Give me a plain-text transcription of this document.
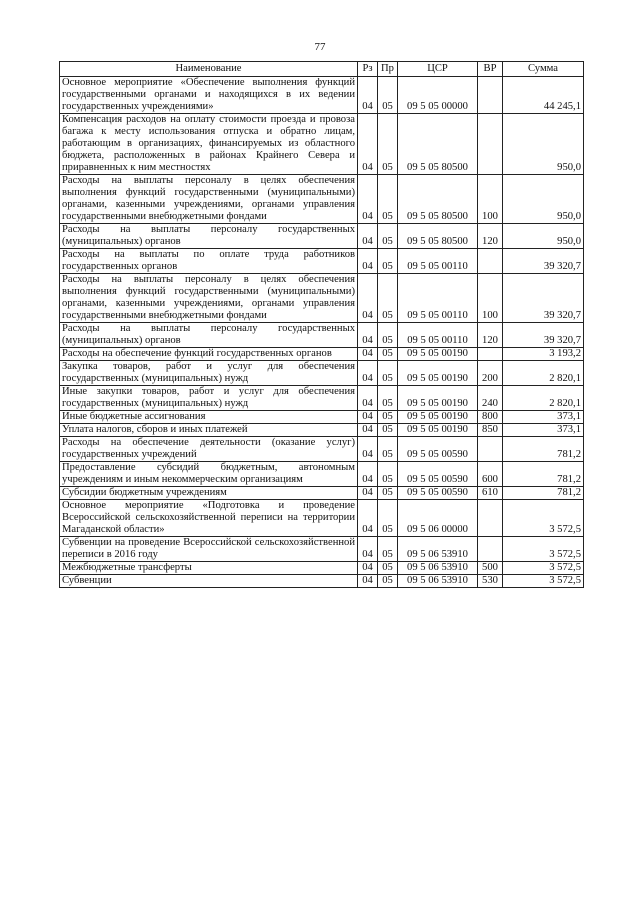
77
Наименование	Рз	Пр	ЦСР	ВР	Сумма
Основное мероприятие «Обеспечение выполнения функций государственными органами и находящихся в их ведении государственных учреждениями»	04	05	09 5 05 00000		44 245,1
Компенсация расходов на оплату стоимости проезда и провоза багажа к месту использования отпуска и обратно лицам, работающим в организациях, финансируемых из областного бюджета, расположенных в районах Крайнего Севера и приравненных к ним местностях	04	05	09 5 05 80500		950,0
Расходы на выплаты персоналу в целях обеспечения выполнения функций государственными (муниципальными) органами, казенными учреждениями, органами управления государственными внебюджетными фондами	04	05	09 5 05 80500	100	950,0
Расходы на выплаты персоналу государственных (муниципальных) органов	04	05	09 5 05 80500	120	950,0
Расходы на выплаты по оплате труда работников государственных органов	04	05	09 5 05 00110		39 320,7
Расходы на выплаты персоналу в целях обеспечения выполнения функций государственными (муниципальными) органами, казенными учреждениями, органами управления государственными внебюджетными фондами	04	05	09 5 05 00110	100	39 320,7
Расходы на выплаты персоналу государственных (муниципальных) органов	04	05	09 5 05 00110	120	39 320,7
Расходы на обеспечение функций государственных органов	04	05	09 5 05 00190		3 193,2
Закупка товаров, работ и услуг для обеспечения государственных (муниципальных) нужд	04	05	09 5 05 00190	200	2 820,1
Иные закупки товаров, работ и услуг для обеспечения государственных (муниципальных) нужд	04	05	09 5 05 00190	240	2 820,1
Иные бюджетные ассигнования	04	05	09 5 05 00190	800	373,1
Уплата налогов, сборов и иных платежей	04	05	09 5 05 00190	850	373,1
Расходы на обеспечение деятельности (оказание услуг) государственных учреждений	04	05	09 5 05 00590		781,2
Предоставление субсидий бюджетным, автономным учреждениям и иным некоммерческим организациям	04	05	09 5 05 00590	600	781,2
Субсидии бюджетным учреждениям	04	05	09 5 05 00590	610	781,2
Основное мероприятие «Подготовка и проведение Всероссийской сельскохозяйственной переписи на территории Магаданской области»	04	05	09 5 06 00000		3 572,5
Субвенции на проведение Всероссийской сельскохозяйственной переписи в 2016 году	04	05	09 5 06 53910		3 572,5
Межбюджетные трансферты	04	05	09 5 06 53910	500	3 572,5
Субвенции	04	05	09 5 06 53910	530	3 572,5
